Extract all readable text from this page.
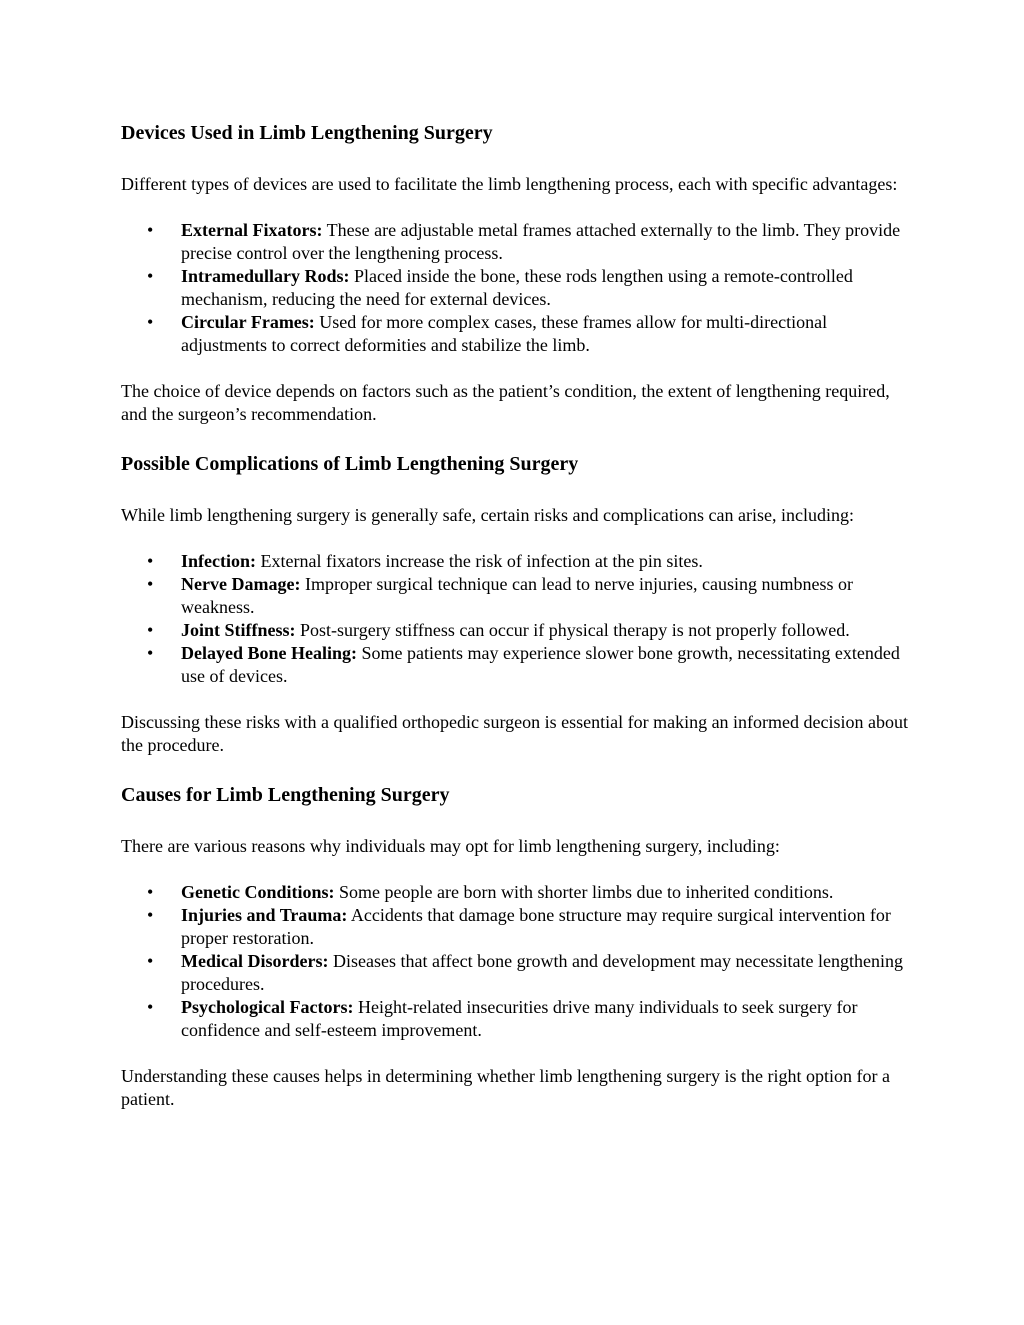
Devices Used in Limb Lengthening Surgery

Different types of devices are used to facilitate the limb lengthening process, each with specific advantages:

• External Fixators: These are adjustable metal frames attached externally to the limb. They provide precise control over the lengthening process.
• Intramedullary Rods: Placed inside the bone, these rods lengthen using a remote-controlled mechanism, reducing the need for external devices.
• Circular Frames: Used for more complex cases, these frames allow for multi-directional adjustments to correct deformities and stabilize the limb.

The choice of device depends on factors such as the patient’s condition, the extent of lengthening required, and the surgeon’s recommendation.

Possible Complications of Limb Lengthening Surgery

While limb lengthening surgery is generally safe, certain risks and complications can arise, including:

• Infection: External fixators increase the risk of infection at the pin sites.
• Nerve Damage: Improper surgical technique can lead to nerve injuries, causing numbness or weakness.
• Joint Stiffness: Post-surgery stiffness can occur if physical therapy is not properly followed.
• Delayed Bone Healing: Some patients may experience slower bone growth, necessitating extended use of devices.

Discussing these risks with a qualified orthopedic surgeon is essential for making an informed decision about the procedure.

Causes for Limb Lengthening Surgery

There are various reasons why individuals may opt for limb lengthening surgery, including:

• Genetic Conditions: Some people are born with shorter limbs due to inherited conditions.
• Injuries and Trauma: Accidents that damage bone structure may require surgical intervention for proper restoration.
• Medical Disorders: Diseases that affect bone growth and development may necessitate lengthening procedures.
• Psychological Factors: Height-related insecurities drive many individuals to seek surgery for confidence and self-esteem improvement.

Understanding these causes helps in determining whether limb lengthening surgery is the right option for a patient.
